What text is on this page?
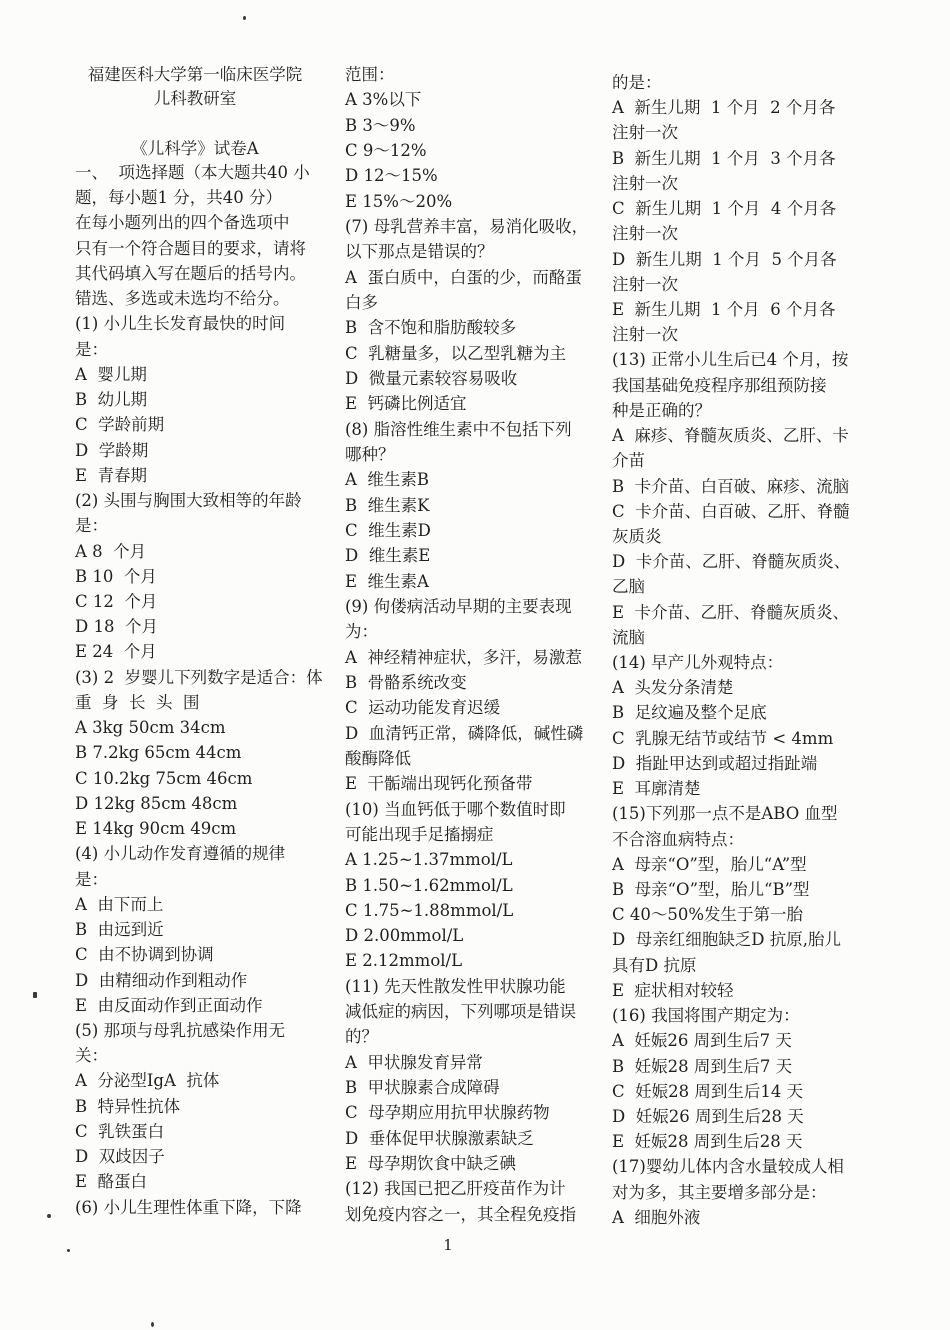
福建医科大学第一临床医学院
儿科教研室
《儿科学》试卷A
一、  项选择题（本大题共40 小
题，每小题1 分，共40 分）
在每小题列出的四个备选项中
只有一个符合题目的要求，请将
其代码填入写在题后的括号内。
错选、多选或未选均不给分。
(1) 小儿生长发育最快的时间
是：
A  婴儿期
B  幼儿期
C  学龄前期
D  学龄期
E  青春期
(2) 头围与胸围大致相等的年龄
是：
A 8  个月
B 10  个月
C 12  个月
D 18  个月
E 24  个月
(3) 2  岁婴儿下列数字是适合：体
重  身  长  头  围
A 3kg 50cm 34cm
B 7.2kg 65cm 44cm
C 10.2kg 75cm 46cm
D 12kg 85cm 48cm
E 14kg 90cm 49cm
(4) 小儿动作发育遵循的规律
是：
A  由下而上
B  由远到近
C  由不协调到协调
D  由精细动作到粗动作
E  由反面动作到正面动作
(5) 那项与母乳抗感染作用无
关：
A  分泌型IgA  抗体
B  特异性抗体
C  乳铁蛋白
D  双歧因子
E  酪蛋白
(6) 小儿生理性体重下降，下降
范围：
A 3%以下
B 3～9%
C 9～12%
D 12～15%
E 15%～20%
(7) 母乳营养丰富，易消化吸收，
以下那点是错误的？
A  蛋白质中，白蛋的少，而酪蛋
白多
B  含不饱和脂肪酸较多
C  乳糖量多，以乙型乳糖为主
D  微量元素较容易吸收
E  钙磷比例适宜
(8) 脂溶性维生素中不包括下列
哪种？
A  维生素B
B  维生素K
C  维生素D
D  维生素E
E  维生素A
(9) 佝偻病活动早期的主要表现
为：
A  神经精神症状，多汗，易激惹
B  骨骼系统改变
C  运动功能发育迟缓
D  血清钙正常，磷降低，碱性磷
酸酶降低
E  干骺端出现钙化预备带
(10) 当血钙低于哪个数值时即
可能出现手足搐搦症
A 1.25~1.37mmol/L
B 1.50~1.62mmol/L
C 1.75~1.88mmol/L
D 2.00mmol/L
E 2.12mmol/L
(11) 先天性散发性甲状腺功能
减低症的病因，下列哪项是错误
的？
A  甲状腺发育异常
B  甲状腺素合成障碍
C  母孕期应用抗甲状腺药物
D  垂体促甲状腺激素缺乏
E  母孕期饮食中缺乏碘
(12) 我国已把乙肝疫苗作为计
划免疫内容之一，其全程免疫指
的是：
A  新生儿期  1 个月  2 个月各
注射一次
B  新生儿期  1 个月  3 个月各
注射一次
C  新生儿期  1 个月  4 个月各
注射一次
D  新生儿期  1 个月  5 个月各
注射一次
E  新生儿期  1 个月  6 个月各
注射一次
(13) 正常小儿生后已4 个月，按
我国基础免疫程序那组预防接
种是正确的？
A  麻疹、脊髓灰质炎、乙肝、卡
介苗
B  卡介苗、白百破、麻疹、流脑
C  卡介苗、白百破、乙肝、脊髓
灰质炎
D  卡介苗、乙肝、脊髓灰质炎、
乙脑
E  卡介苗、乙肝、脊髓灰质炎、
流脑
(14) 早产儿外观特点：
A  头发分条清楚
B  足纹遍及整个足底
C  乳腺无结节或结节 < 4mm
D  指趾甲达到或超过指趾端
E  耳廓清楚
(15)下列那一点不是ABO 血型
不合溶血病特点：
A  母亲“O”型，胎儿“A”型
B  母亲“O”型，胎儿“B”型
C 40～50%发生于第一胎
D  母亲红细胞缺乏D 抗原,胎儿
具有D 抗原
E  症状相对较轻
(16) 我国将围产期定为：
A  妊娠26 周到生后7 天
B  妊娠28 周到生后7 天
C  妊娠28 周到生后14 天
D  妊娠26 周到生后28 天
E  妊娠28 周到生后28 天
(17)婴幼儿体内含水量较成人相
对为多，其主要增多部分是：
A  细胞外液
1
